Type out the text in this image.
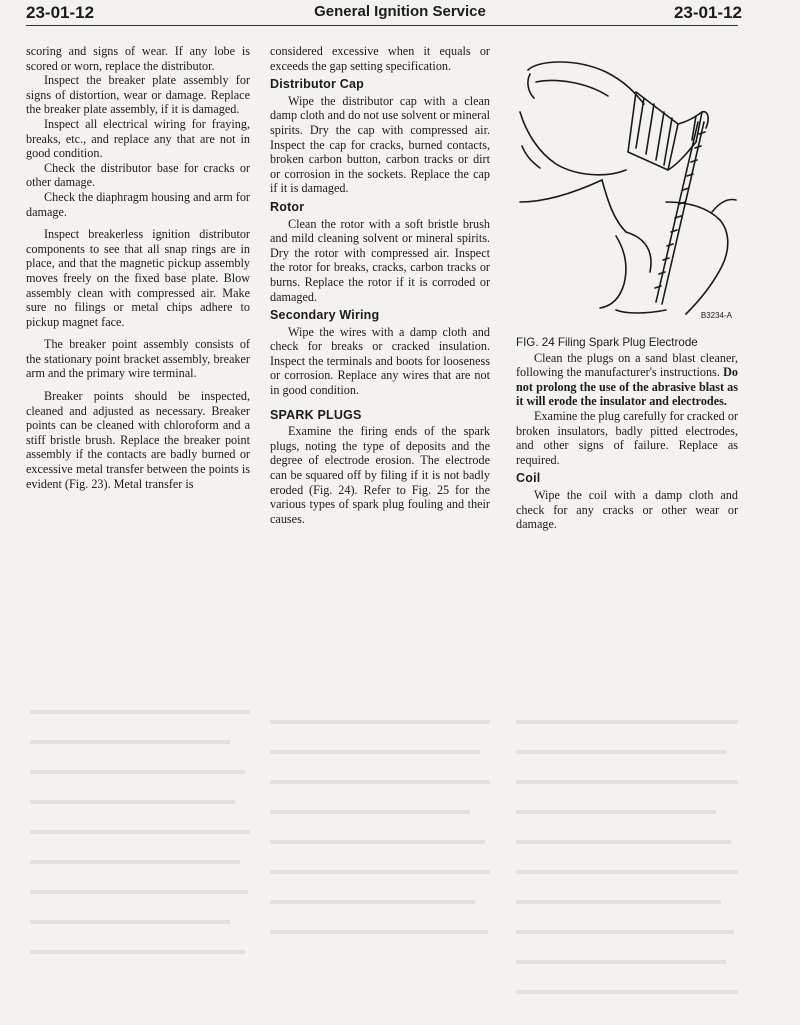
23-01-12	General Ignition Service	23-01-12

scoring and signs of wear. If any lobe is scored or worn, replace the distributor.

Inspect the breaker plate assembly for signs of distortion, wear or damage. Replace the breaker plate assembly, if it is damaged.

Inspect all electrical wiring for fraying, breaks, etc., and replace any that are not in good condition.

Check the distributor base for cracks or other damage.

Check the diaphragm housing and arm for damage.

Inspect breakerless ignition distributor components to see that all snap rings are in place, and that the magnetic pickup assembly moves freely on the fixed base plate. Blow assembly clean with compressed air. Make sure no filings or metal chips adhere to pickup magnet face.

The breaker point assembly consists of the stationary point bracket assembly, breaker arm and the primary wire terminal.

Breaker points should be inspected, cleaned and adjusted as necessary. Breaker points can be cleaned with chloroform and a stiff bristle brush. Replace the breaker point assembly if the contacts are badly burned or excessive metal transfer between the points is evident (Fig. 23). Metal transfer is

considered excessive when it equals or exceeds the gap setting specification.

Distributor Cap

Wipe the distributor cap with a clean damp cloth and do not use solvent or mineral spirits. Dry the cap with compressed air. Inspect the cap for cracks, burned contacts, broken carbon button, carbon tracks or dirt or corrosion in the sockets. Replace the cap if it is damaged.

Rotor

Clean the rotor with a soft bristle brush and mild cleaning solvent or mineral spirits. Dry the rotor with compressed air. Inspect the rotor for breaks, cracks, carbon tracks or burns. Replace the rotor if it is corroded or damaged.

Secondary Wiring

Wipe the wires with a damp cloth and check for breaks or cracked insulation. Inspect the terminals and boots for looseness or corrosion. Replace any wires that are not in good condition.

SPARK PLUGS

Examine the firing ends of the spark plugs, noting the type of deposits and the degree of electrode erosion. The electrode can be squared off by filing if it is not badly eroded (Fig. 24). Refer to Fig. 25 for the various types of spark plug fouling and their causes.

B3234-A

FIG. 24 Filing Spark Plug Electrode

Clean the plugs on a sand blast cleaner, following the manufacturer's instructions. Do not prolong the use of the abrasive blast as it will erode the insulator and electrodes.

Examine the plug carefully for cracked or broken insulators, badly pitted electrodes, and other signs of failure. Replace as required.

Coil

Wipe the coil with a damp cloth and check for any cracks or other wear or damage.
